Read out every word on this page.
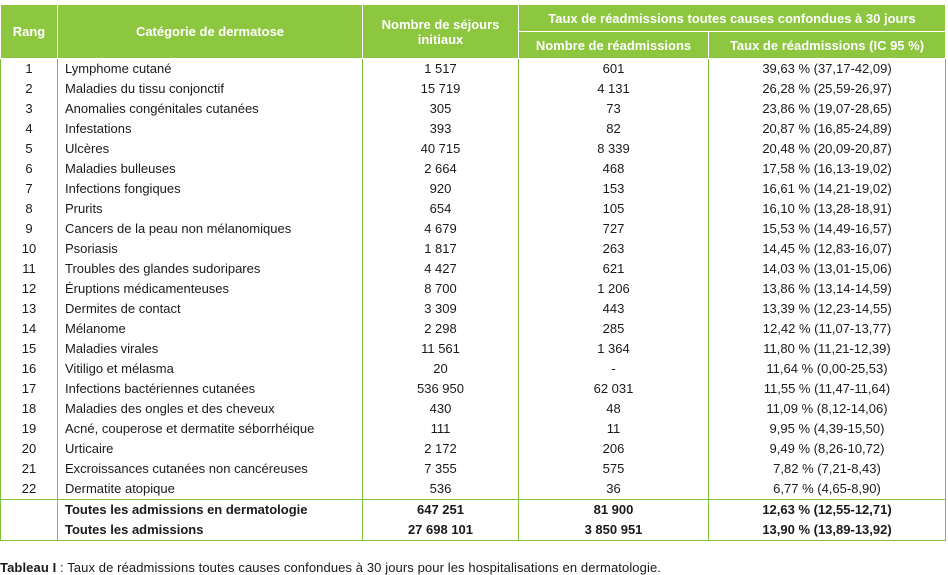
Rang	Catégorie de dermatose	Nombre de séjours initiaux	Taux de réadmissions toutes causes confondues à 30 jours	
			Nombre de réadmissions	Taux de réadmissions (IC 95 %)
1	Lymphome cutané	1 517	601	39,63 % (37,17-42,09)
2	Maladies du tissu conjonctif	15 719	4 131	26,28 % (25,59-26,97)
3	Anomalies congénitales cutanées	305	73	23,86 % (19,07-28,65)
4	Infestations	393	82	20,87 % (16,85-24,89)
5	Ulcères	40 715	8 339	20,48 % (20,09-20,87)
6	Maladies bulleuses	2 664	468	17,58 % (16,13-19,02)
7	Infections fongiques	920	153	16,61 % (14,21-19,02)
8	Prurits	654	105	16,10 % (13,28-18,91)
9	Cancers de la peau non mélanomiques	4 679	727	15,53 % (14,49-16,57)
10	Psoriasis	1 817	263	14,45 % (12,83-16,07)
11	Troubles des glandes sudoripares	4 427	621	14,03 % (13,01-15,06)
12	Éruptions médicamenteuses	8 700	1 206	13,86 % (13,14-14,59)
13	Dermites de contact	3 309	443	13,39 % (12,23-14,55)
14	Mélanome	2 298	285	12,42 % (11,07-13,77)
15	Maladies virales	11 561	1 364	11,80 % (11,21-12,39)
16	Vitiligo et mélasma	20	-	11,64 % (0,00-25,53)
17	Infections bactériennes cutanées	536 950	62 031	11,55 % (11,47-11,64)
18	Maladies des ongles et des cheveux	430	48	11,09 % (8,12-14,06)
19	Acné, couperose et dermatite séborrhéique	111	11	9,95 % (4,39-15,50)
20	Urticaire	2 172	206	9,49 % (8,26-10,72)
21	Excroissances cutanées non cancéreuses	7 355	575	7,82 % (7,21-8,43)
22	Dermatite atopique	536	36	6,77 % (4,65-8,90)
	Toutes les admissions en dermatologie	647 251	81 900	12,63 % (12,55-12,71)
	Toutes les admissions	27 698 101	3 850 951	13,90 % (13,89-13,92)
Tableau I : Taux de réadmissions toutes causes confondues à 30 jours pour les hospitalisations en dermatologie.
